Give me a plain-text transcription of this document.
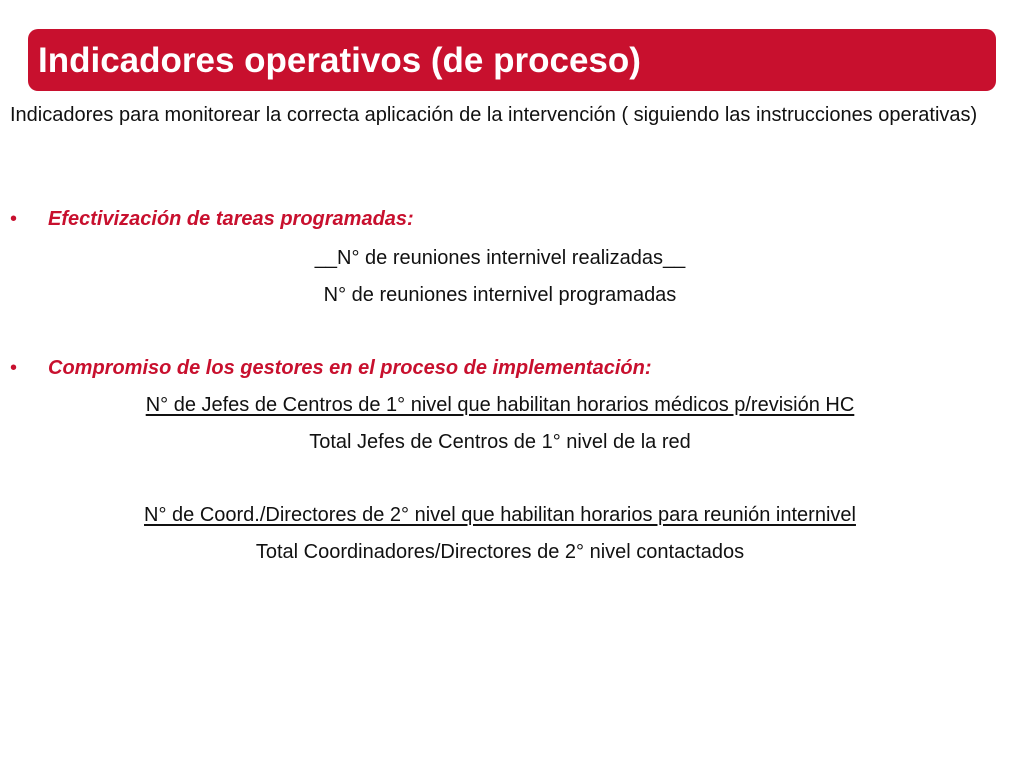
Indicadores operativos (de proceso)

Indicadores para monitorear la correcta aplicación de la intervención ( siguiendo las instrucciones operativas)

•	Efectivización de tareas programadas:
__N° de reuniones internivel realizadas__
N° de reuniones internivel programadas
•	Compromiso de los gestores en el proceso de implementación:
N° de Jefes de Centros de 1° nivel que habilitan horarios médicos p/revisión HC
Total Jefes de Centros de 1° nivel de la red
N° de Coord./Directores de 2° nivel que habilitan horarios para reunión internivel
Total Coordinadores/Directores de 2° nivel contactados
